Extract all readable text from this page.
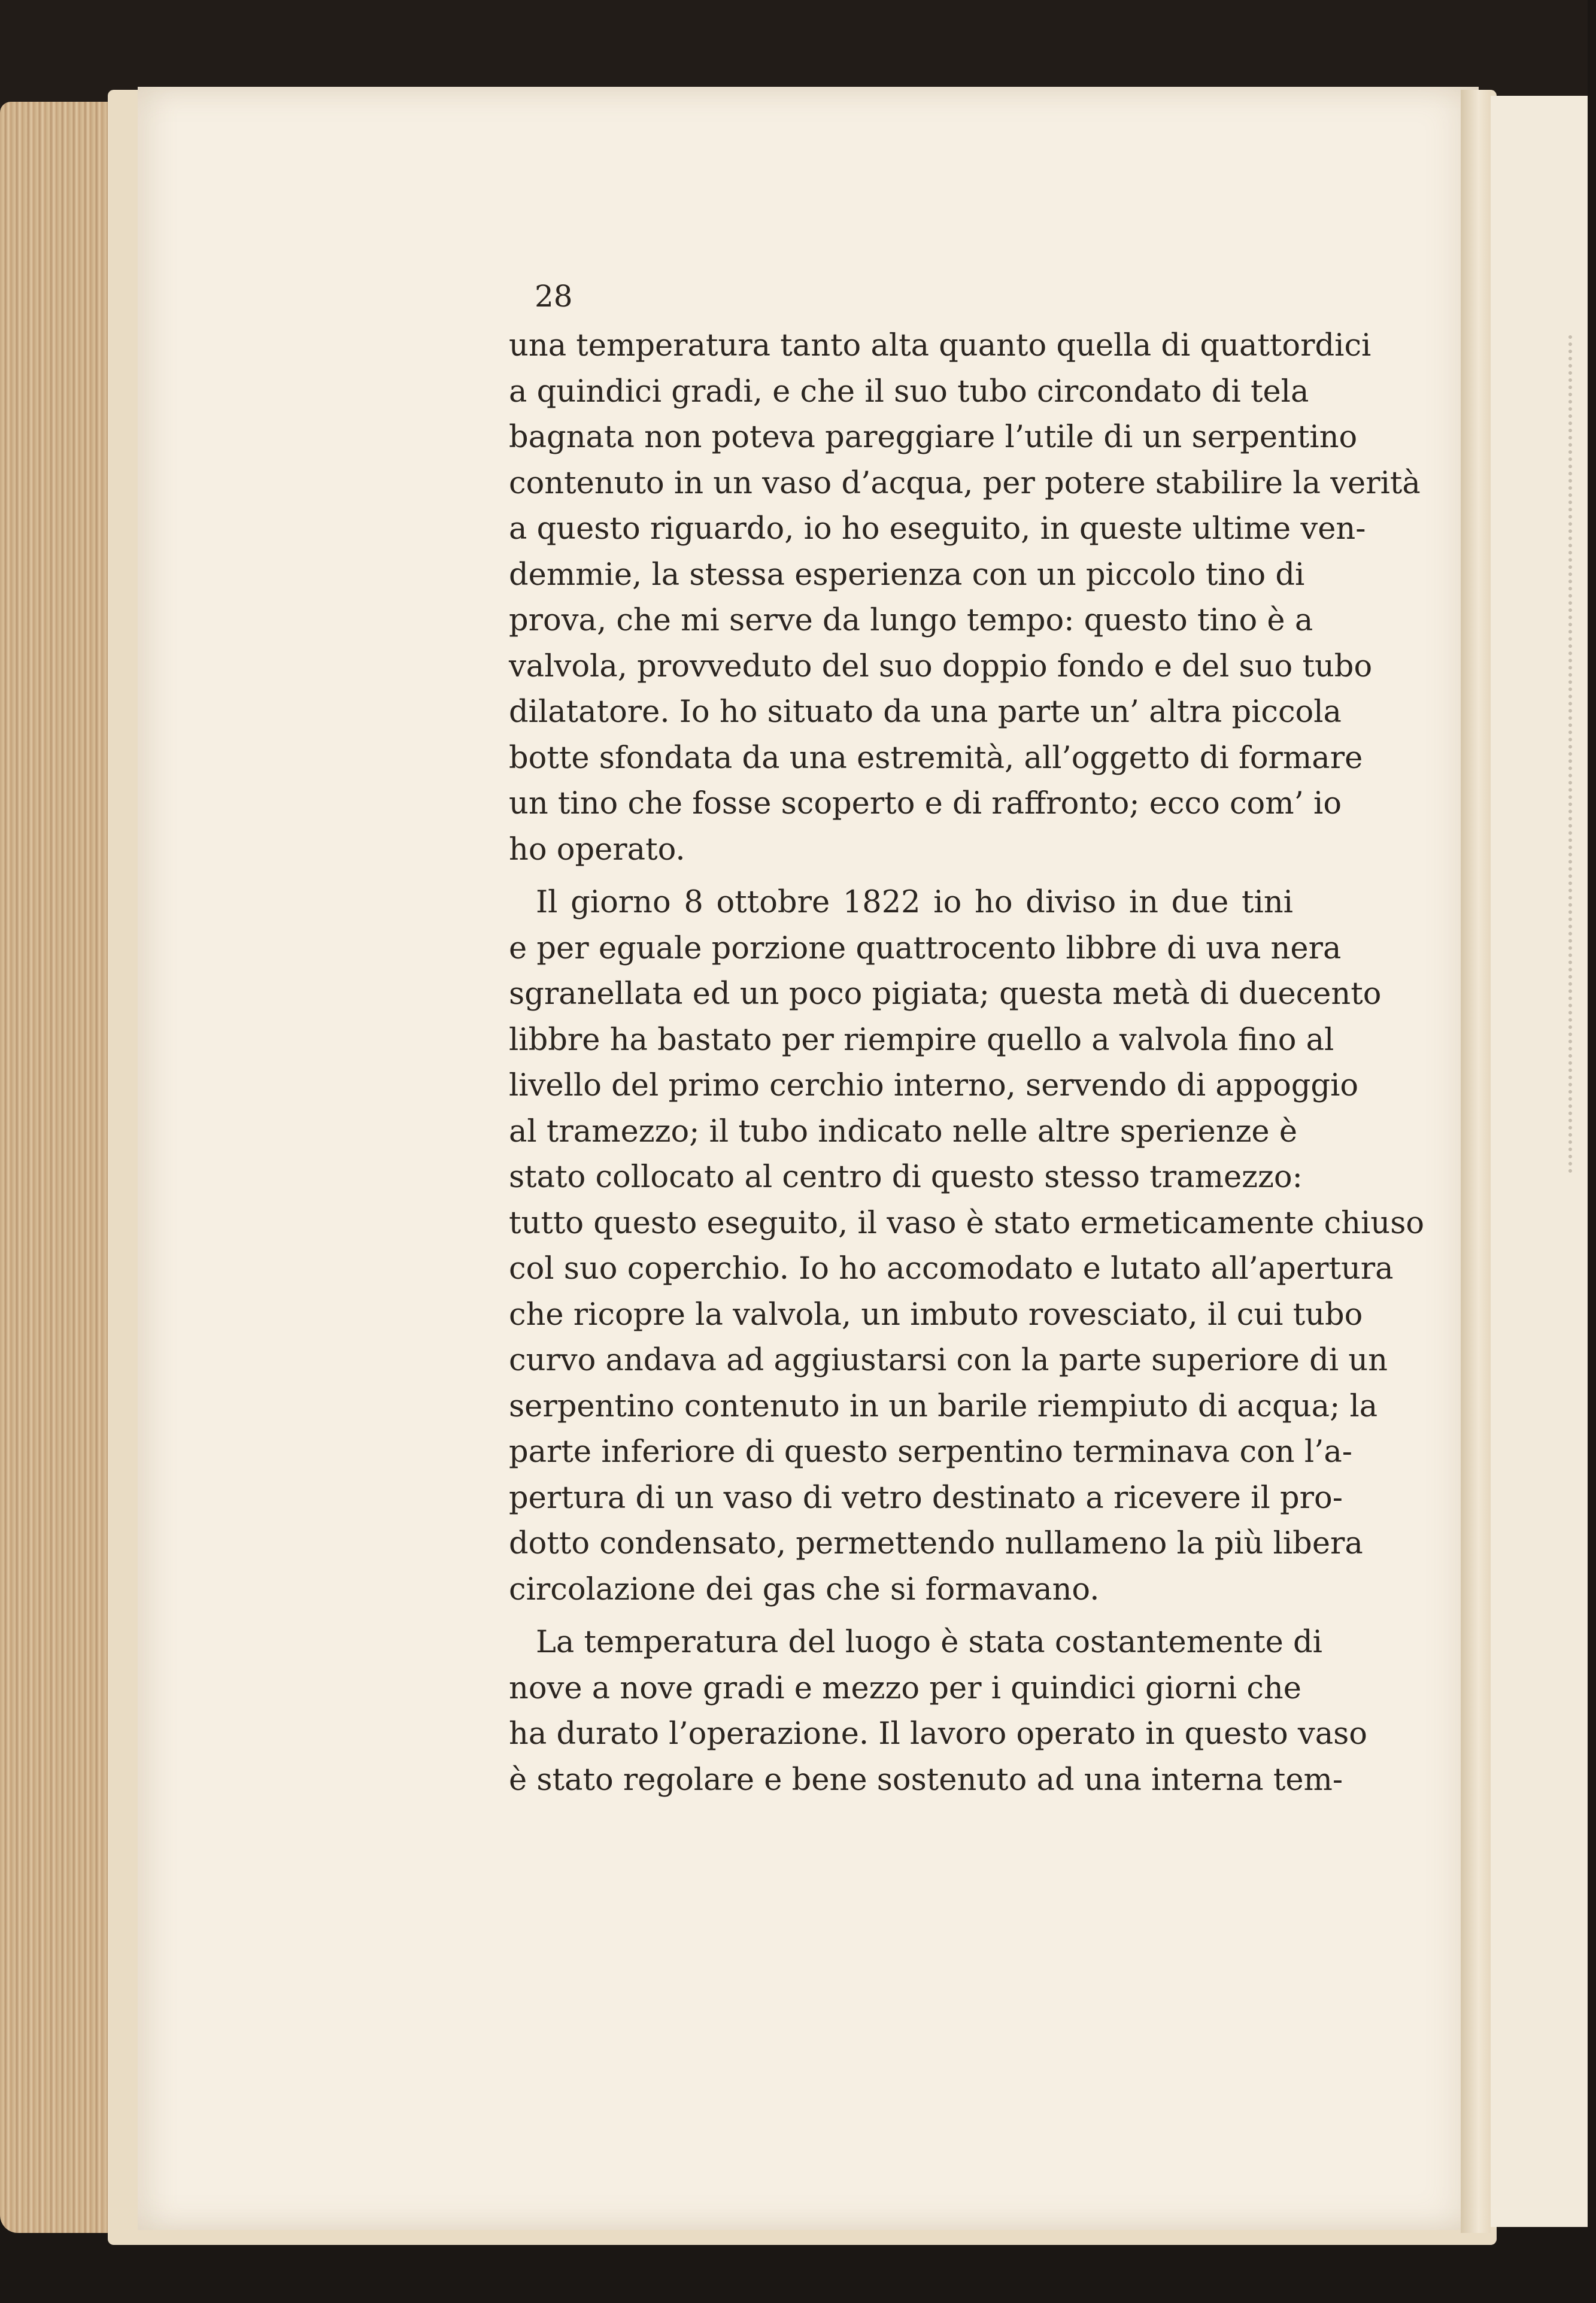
28
una temperatura tanto alta quanto quella di quattordici
a quindici gradi, e che il suo tubo circondato di tela
bagnata non poteva pareggiare l’utile di un serpentino
contenuto in un vaso d’acqua, per potere stabilire la verità
a questo riguardo, io ho eseguito, in queste ultime ven-
demmie, la stessa esperienza con un piccolo tino di
prova, che mi serve da lungo tempo: questo tino è a
valvola, provveduto del suo doppio fondo e del suo tubo
dilatatore. Io ho situato da una parte un’ altra piccola
botte sfondata da una estremità, all’oggetto di formare
un tino che fosse scoperto e di raffronto; ecco com’ io
ho operato.
Il giorno 8 ottobre 1822 io ho diviso in due tini
e per eguale porzione quattrocento libbre di uva nera
sgranellata ed un poco pigiata; questa metà di duecento
libbre ha bastato per riempire quello a valvola fino al
livello del primo cerchio interno, servendo di appoggio
al tramezzo; il tubo indicato nelle altre sperienze è
stato collocato al centro di questo stesso tramezzo:
tutto questo eseguito, il vaso è stato ermeticamente chiuso
col suo coperchio. Io ho accomodato e lutato all’apertura
che ricopre la valvola, un imbuto rovesciato, il cui tubo
curvo andava ad aggiustarsi con la parte superiore di un
serpentino contenuto in un barile riempiuto di acqua; la
parte inferiore di questo serpentino terminava con l’a-
pertura di un vaso di vetro destinato a ricevere il pro-
dotto condensato, permettendo nullameno la più libera
circolazione dei gas che si formavano.
La temperatura del luogo è stata costantemente di
nove a nove gradi e mezzo per i quindici giorni che
ha durato l’operazione. Il lavoro operato in questo vaso
è stato regolare e bene sostenuto ad una interna tem-
